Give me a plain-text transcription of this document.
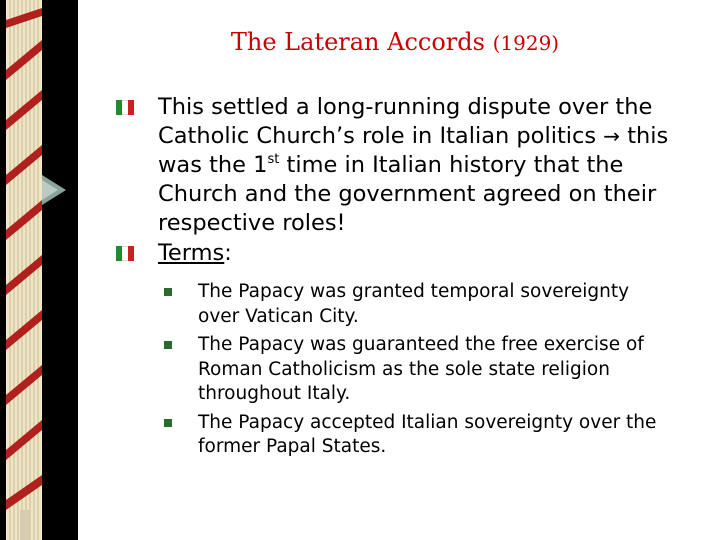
The Lateran Accords (1929)
This settled a long-running dispute over the Catholic Church’s role in Italian politics → this was the 1st time in Italian history that the Church and the government agreed on their respective roles!
Terms:
The Papacy was granted temporal sovereignty over Vatican City.
The Papacy was guaranteed the free exercise of Roman Catholicism as the sole state religion throughout Italy.
The Papacy accepted Italian sovereignty over the former Papal States.
